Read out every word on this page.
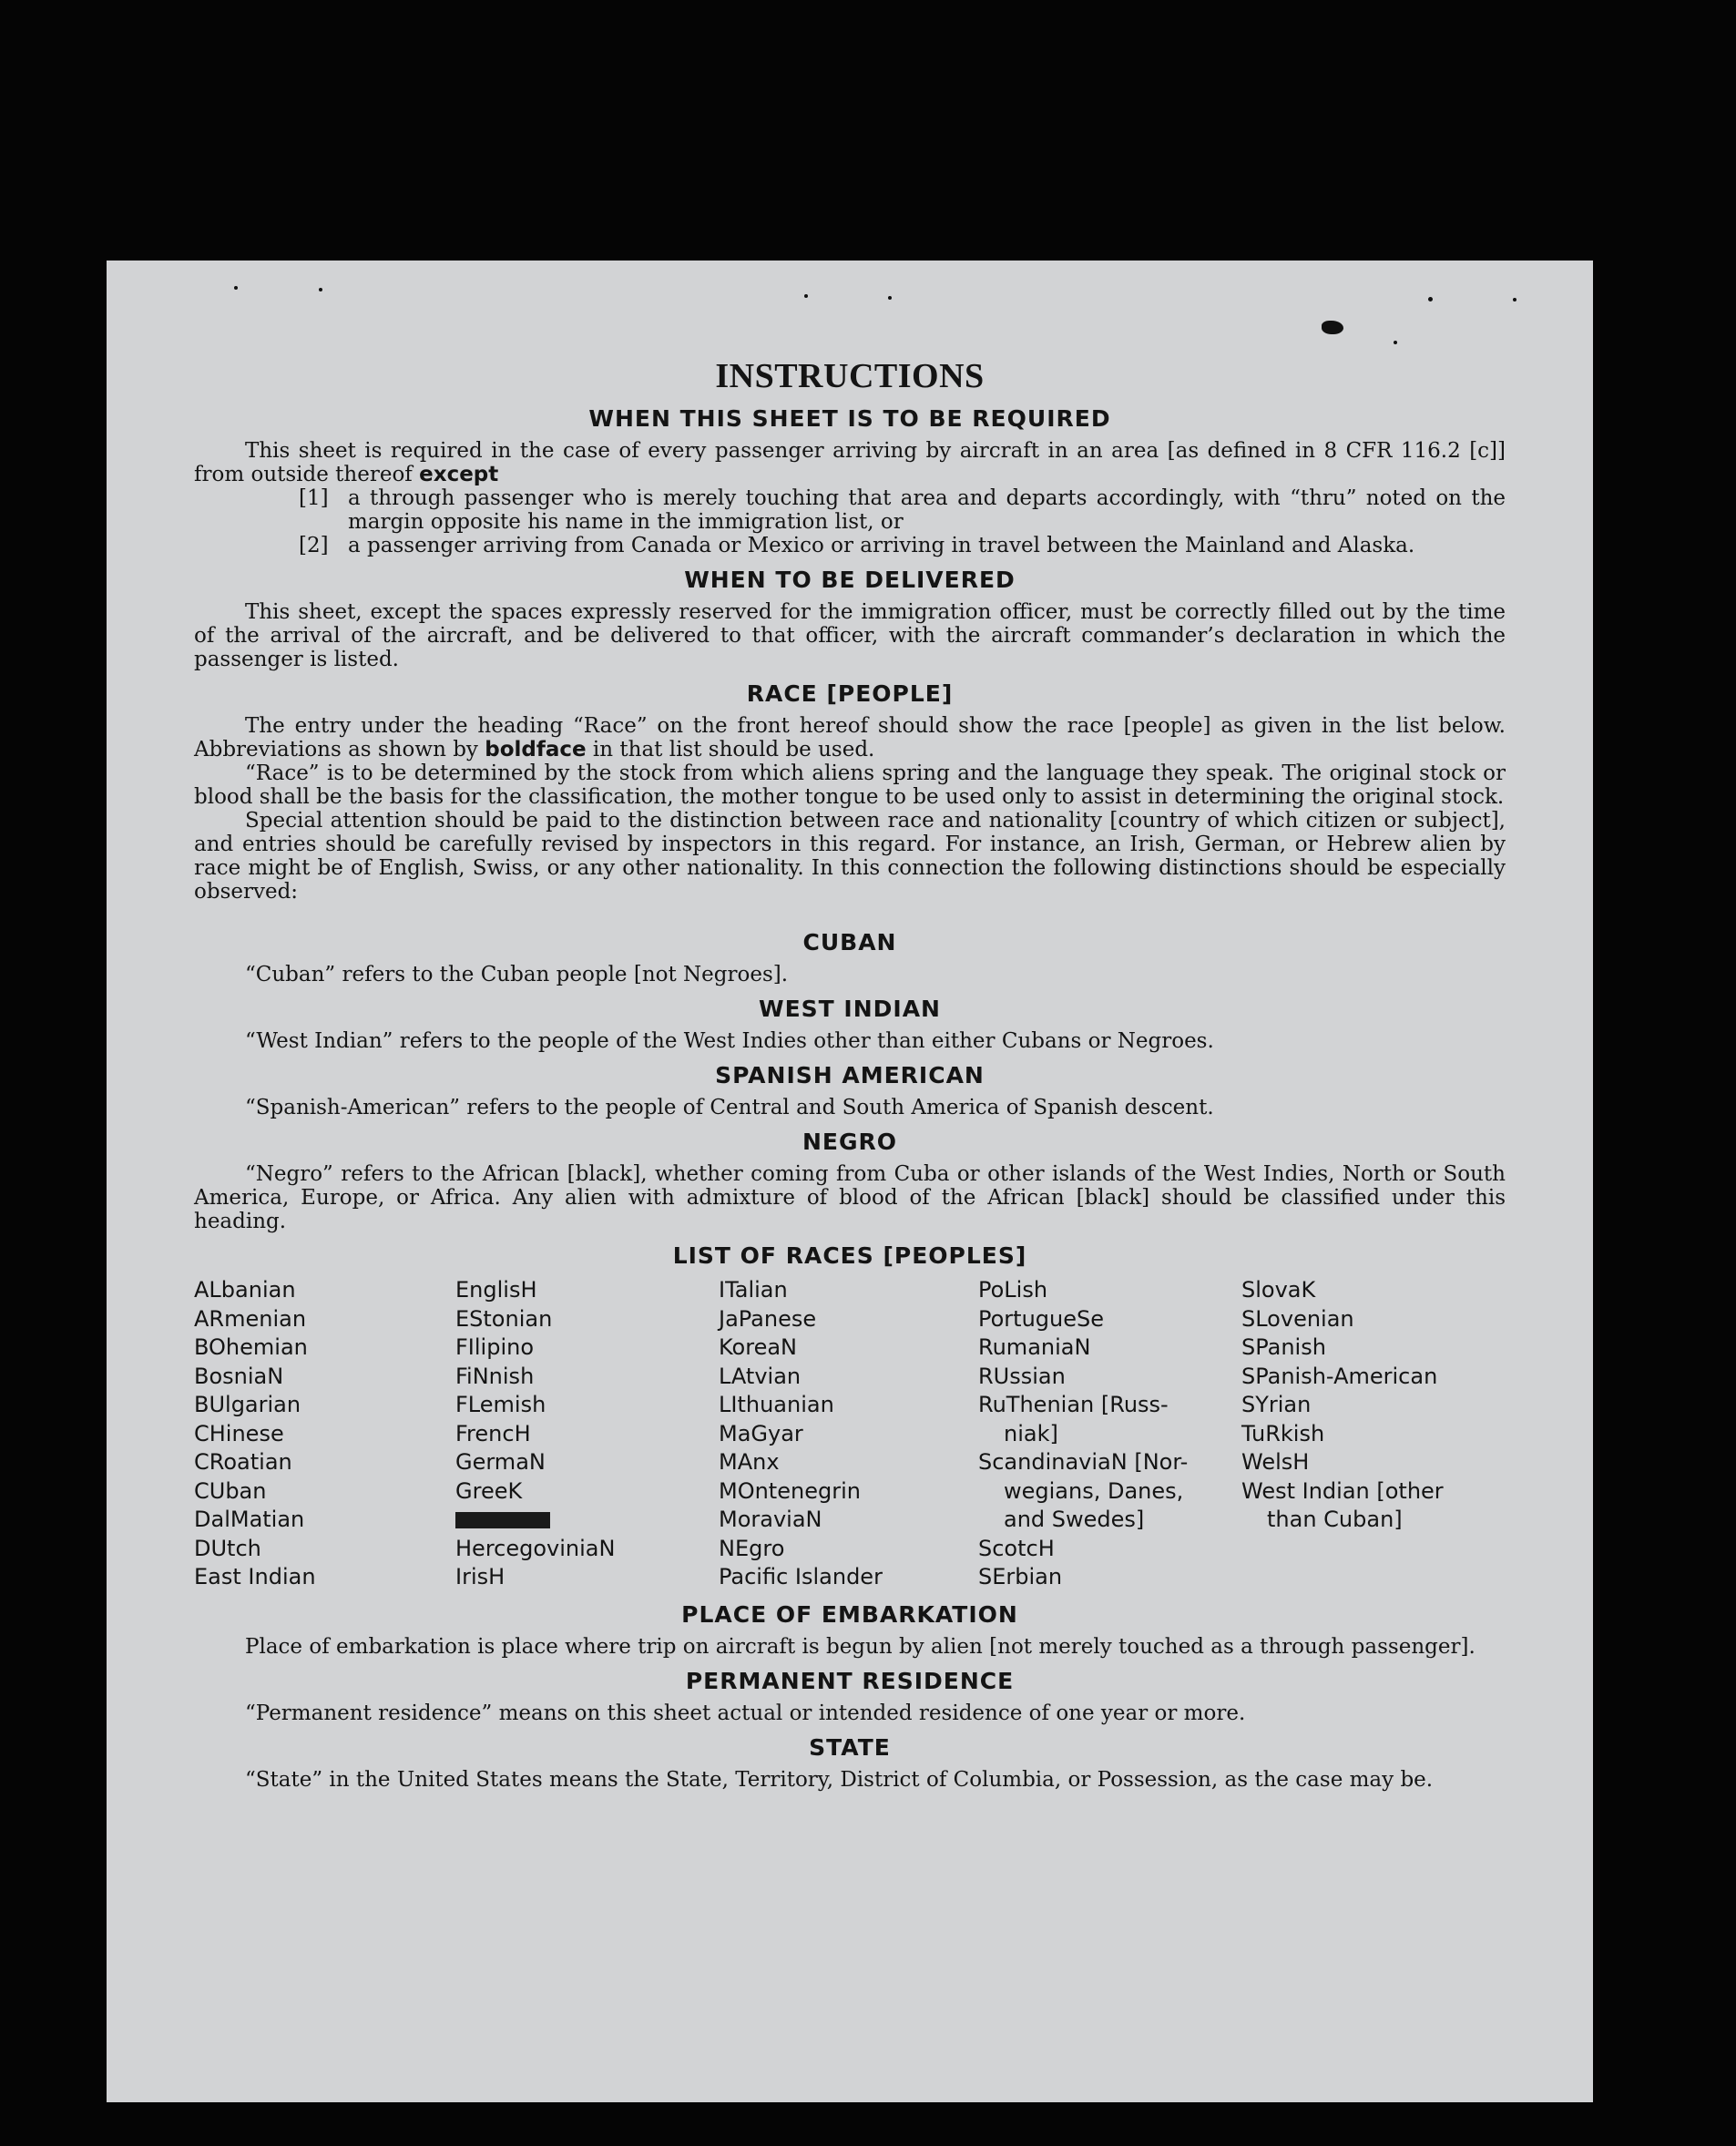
INSTRUCTIONS
WHEN THIS SHEET IS TO BE REQUIRED

This sheet is required in the case of every passenger arriving by aircraft in an area [as defined in 8 CFR 116.2 [c]] from outside thereof except

[1] a through passenger who is merely touching that area and departs accordingly, with “thru” noted on the margin opposite his name in the immigration list, or
[2] a passenger arriving from Canada or Mexico or arriving in travel between the Mainland and Alaska.
WHEN TO BE DELIVERED

This sheet, except the spaces expressly reserved for the immigration officer, must be correctly filled out by the time of the arrival of the aircraft, and be delivered to that officer, with the aircraft commander’s declaration in which the passenger is listed.

RACE [PEOPLE]

The entry under the heading “Race” on the front hereof should show the race [people] as given in the list below. Abbreviations as shown by boldface in that list should be used.

“Race” is to be determined by the stock from which aliens spring and the language they speak. The original stock or blood shall be the basis for the classification, the mother tongue to be used only to assist in determining the original stock.

Special attention should be paid to the distinction between race and nationality [country of which citizen or subject], and entries should be carefully revised by inspectors in this regard. For instance, an Irish, German, or Hebrew alien by race might be of English, Swiss, or any other nationality. In this connection the following distinctions should be especially observed:

CUBAN

“Cuban” refers to the Cuban people [not Negroes].

WEST INDIAN

“West Indian” refers to the people of the West Indies other than either Cubans or Negroes.

SPANISH AMERICAN

“Spanish-American” refers to the people of Central and South America of Spanish descent.

NEGRO

“Negro” refers to the African [black], whether coming from Cuba or other islands of the West Indies, North or South America, Europe, or Africa. Any alien with admixture of blood of the African [black] should be classified under this heading.

LIST OF RACES [PEOPLES]
ALbanian
ARmenian
BOhemian
BosniaN
BUlgarian
CHinese
CRoatian
CUban
DalMatian
DUtch
East Indian
EnglisH
EStonian
FIlipino
FiNnish
FLemish
FrencH
GermaN
GreeK
HercegoviniaN
IrisH
ITalian
JaPanese
KoreaN
LAtvian
LIthuanian
MaGyar
MAnx
MOntenegrin
MoraviaN
NEgro
Pacific Islander
PoLish
PortugueSe
RumaniaN
RUssian
RuThenian [Russ-
niak]
ScandinaviaN [Nor-
wegians, Danes,
and Swedes]
ScotcH
SErbian
SlovaK
SLovenian
SPanish
SPanish-American
SYrian
TuRkish
WelsH
West Indian [other
than Cuban]
PLACE OF EMBARKATION

Place of embarkation is place where trip on aircraft is begun by alien [not merely touched as a through passenger].

PERMANENT RESIDENCE

“Permanent residence” means on this sheet actual or intended residence of one year or more.

STATE

“State” in the United States means the State, Territory, District of Columbia, or Possession, as the case may be.
